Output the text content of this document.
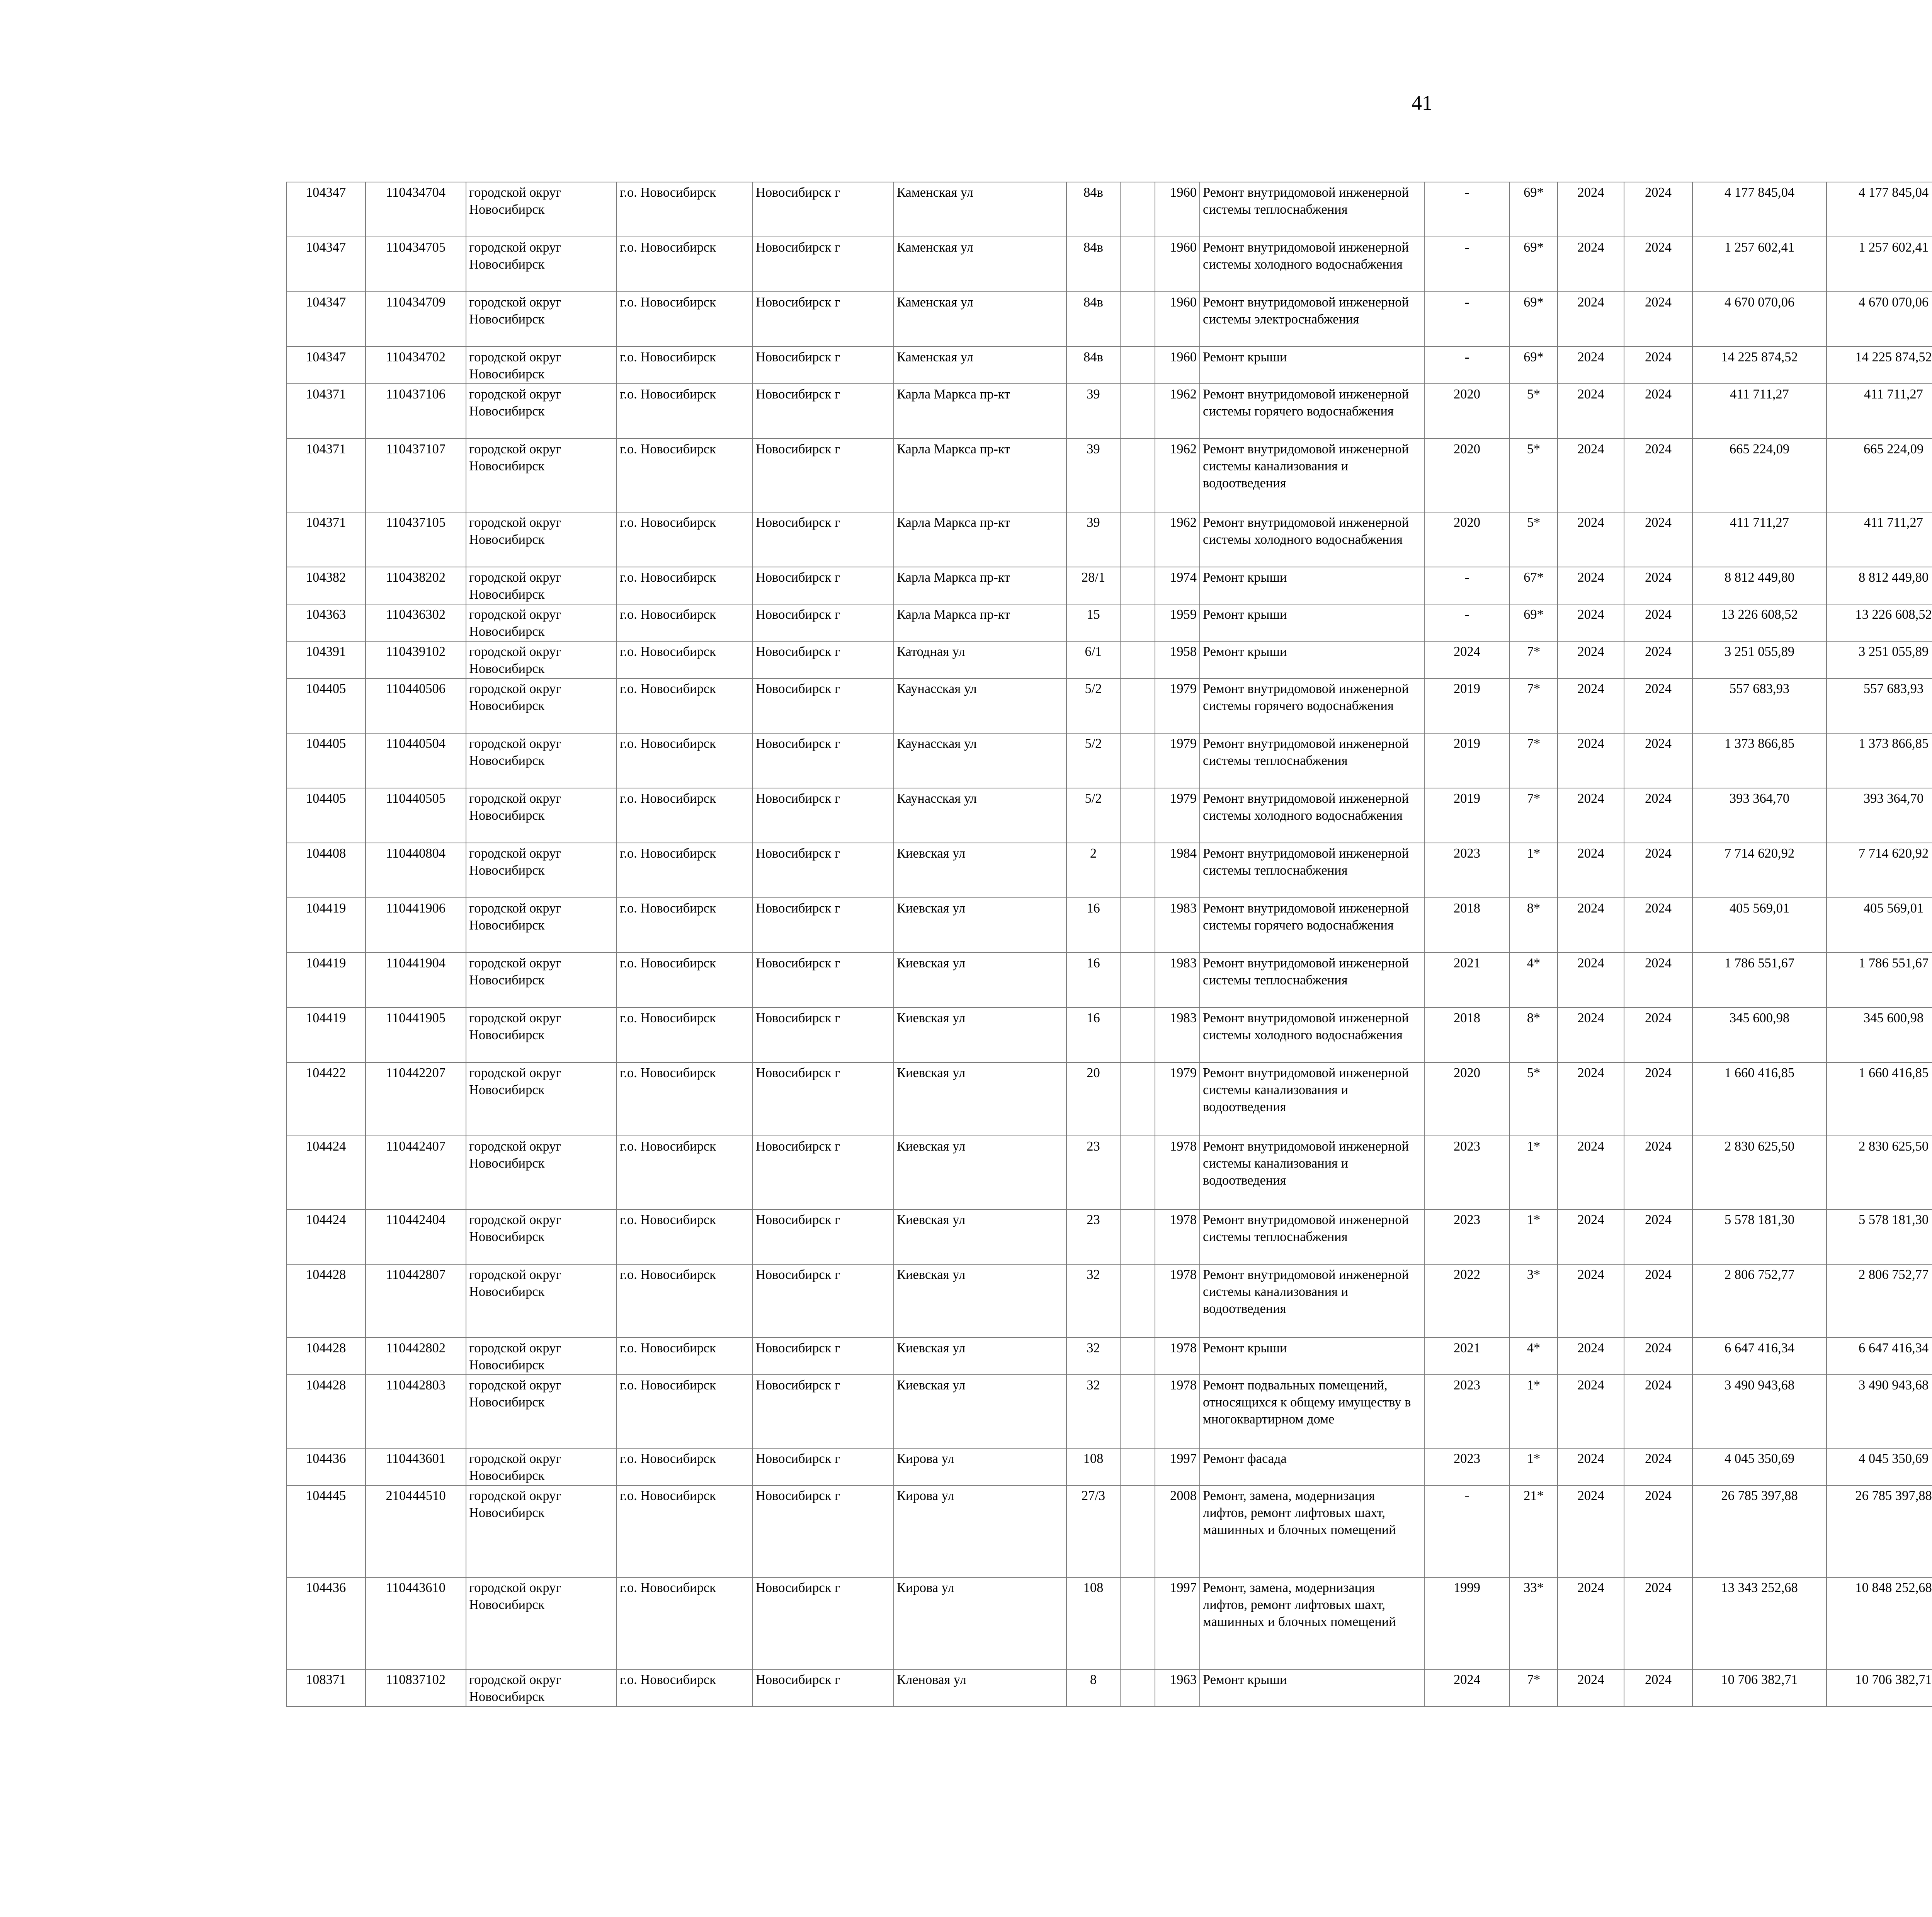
41
104347	110434704	городской округ Новосибирск	г.о. Новосибирск	Новосибирск г	Каменская ул	84в		1960	Ремонт внутридомовой инженерной системы теплоснабжения	-	69*	2024	2024	4 177 845,04	4 177 845,04						
104347	110434705	городской округ Новосибирск	г.о. Новосибирск	Новосибирск г	Каменская ул	84в		1960	Ремонт внутридомовой инженерной системы холодного водоснабжения	-	69*	2024	2024	1 257 602,41	1 257 602,41						
104347	110434709	городской округ Новосибирск	г.о. Новосибирск	Новосибирск г	Каменская ул	84в		1960	Ремонт внутридомовой инженерной системы электроснабжения	-	69*	2024	2024	4 670 070,06	4 670 070,06						
104347	110434702	городской округ Новосибирск	г.о. Новосибирск	Новосибирск г	Каменская ул	84в		1960	Ремонт крыши	-	69*	2024	2024	14 225 874,52	14 225 874,52						
104371	110437106	городской округ Новосибирск	г.о. Новосибирск	Новосибирск г	Карла Маркса пр-кт	39		1962	Ремонт внутридомовой инженерной системы горячего водоснабжения	2020	5*	2024	2024	411 711,27	411 711,27						
104371	110437107	городской округ Новосибирск	г.о. Новосибирск	Новосибирск г	Карла Маркса пр-кт	39		1962	Ремонт внутридомовой инженерной системы канализования и водоотведения	2020	5*	2024	2024	665 224,09	665 224,09						
104371	110437105	городской округ Новосибирск	г.о. Новосибирск	Новосибирск г	Карла Маркса пр-кт	39		1962	Ремонт внутридомовой инженерной системы холодного водоснабжения	2020	5*	2024	2024	411 711,27	411 711,27						
104382	110438202	городской округ Новосибирск	г.о. Новосибирск	Новосибирск г	Карла Маркса пр-кт	28/1		1974	Ремонт крыши	-	67*	2024	2024	8 812 449,80	8 812 449,80						
104363	110436302	городской округ Новосибирск	г.о. Новосибирск	Новосибирск г	Карла Маркса пр-кт	15		1959	Ремонт крыши	-	69*	2024	2024	13 226 608,52	13 226 608,52						
104391	110439102	городской округ Новосибирск	г.о. Новосибирск	Новосибирск г	Катодная ул	6/1		1958	Ремонт крыши	2024	7*	2024	2024	3 251 055,89	3 251 055,89						
104405	110440506	городской округ Новосибирск	г.о. Новосибирск	Новосибирск г	Каунасская ул	5/2		1979	Ремонт внутридомовой инженерной системы горячего водоснабжения	2019	7*	2024	2024	557 683,93	557 683,93						
104405	110440504	городской округ Новосибирск	г.о. Новосибирск	Новосибирск г	Каунасская ул	5/2		1979	Ремонт внутридомовой инженерной системы теплоснабжения	2019	7*	2024	2024	1 373 866,85	1 373 866,85						
104405	110440505	городской округ Новосибирск	г.о. Новосибирск	Новосибирск г	Каунасская ул	5/2		1979	Ремонт внутридомовой инженерной системы холодного водоснабжения	2019	7*	2024	2024	393 364,70	393 364,70						
104408	110440804	городской округ Новосибирск	г.о. Новосибирск	Новосибирск г	Киевская ул	2		1984	Ремонт внутридомовой инженерной системы теплоснабжения	2023	1*	2024	2024	7 714 620,92	7 714 620,92						
104419	110441906	городской округ Новосибирск	г.о. Новосибирск	Новосибирск г	Киевская ул	16		1983	Ремонт внутридомовой инженерной системы горячего водоснабжения	2018	8*	2024	2024	405 569,01	405 569,01						
104419	110441904	городской округ Новосибирск	г.о. Новосибирск	Новосибирск г	Киевская ул	16		1983	Ремонт внутридомовой инженерной системы теплоснабжения	2021	4*	2024	2024	1 786 551,67	1 786 551,67						
104419	110441905	городской округ Новосибирск	г.о. Новосибирск	Новосибирск г	Киевская ул	16		1983	Ремонт внутридомовой инженерной системы холодного водоснабжения	2018	8*	2024	2024	345 600,98	345 600,98						
104422	110442207	городской округ Новосибирск	г.о. Новосибирск	Новосибирск г	Киевская ул	20		1979	Ремонт внутридомовой инженерной системы канализования и водоотведения	2020	5*	2024	2024	1 660 416,85	1 660 416,85						
104424	110442407	городской округ Новосибирск	г.о. Новосибирск	Новосибирск г	Киевская ул	23		1978	Ремонт внутридомовой инженерной системы канализования и водоотведения	2023	1*	2024	2024	2 830 625,50	2 830 625,50						
104424	110442404	городской округ Новосибирск	г.о. Новосибирск	Новосибирск г	Киевская ул	23		1978	Ремонт внутридомовой инженерной системы теплоснабжения	2023	1*	2024	2024	5 578 181,30	5 578 181,30						
104428	110442807	городской округ Новосибирск	г.о. Новосибирск	Новосибирск г	Киевская ул	32		1978	Ремонт внутридомовой инженерной системы канализования и водоотведения	2022	3*	2024	2024	2 806 752,77	2 806 752,77						
104428	110442802	городской округ Новосибирск	г.о. Новосибирск	Новосибирск г	Киевская ул	32		1978	Ремонт крыши	2021	4*	2024	2024	6 647 416,34	6 647 416,34						
104428	110442803	городской округ Новосибирск	г.о. Новосибирск	Новосибирск г	Киевская ул	32		1978	Ремонт подвальных помещений, относящихся к общему имуществу в многоквартирном доме	2023	1*	2024	2024	3 490 943,68	3 490 943,68						
104436	110443601	городской округ Новосибирск	г.о. Новосибирск	Новосибирск г	Кирова ул	108		1997	Ремонт фасада	2023	1*	2024	2024	4 045 350,69	4 045 350,69						
104445	210444510	городской округ Новосибирск	г.о. Новосибирск	Новосибирск г	Кирова ул	27/3		2008	Ремонт, замена, модернизация лифтов, ремонт лифтовых шахт, машинных и блочных помещений	-	21*	2024	2024	26 785 397,88	26 785 397,88						
104436	110443610	городской округ Новосибирск	г.о. Новосибирск	Новосибирск г	Кирова ул	108		1997	Ремонт, замена, модернизация лифтов, ремонт лифтовых шахт, машинных и блочных помещений	1999	33*	2024	2024	13 343 252,68	10 848 252,68						
108371	110837102	городской округ Новосибирск	г.о. Новосибирск	Новосибирск г	Кленовая ул	8		1963	Ремонт крыши	2024	7*	2024	2024	10 706 382,71	10 706 382,71						
